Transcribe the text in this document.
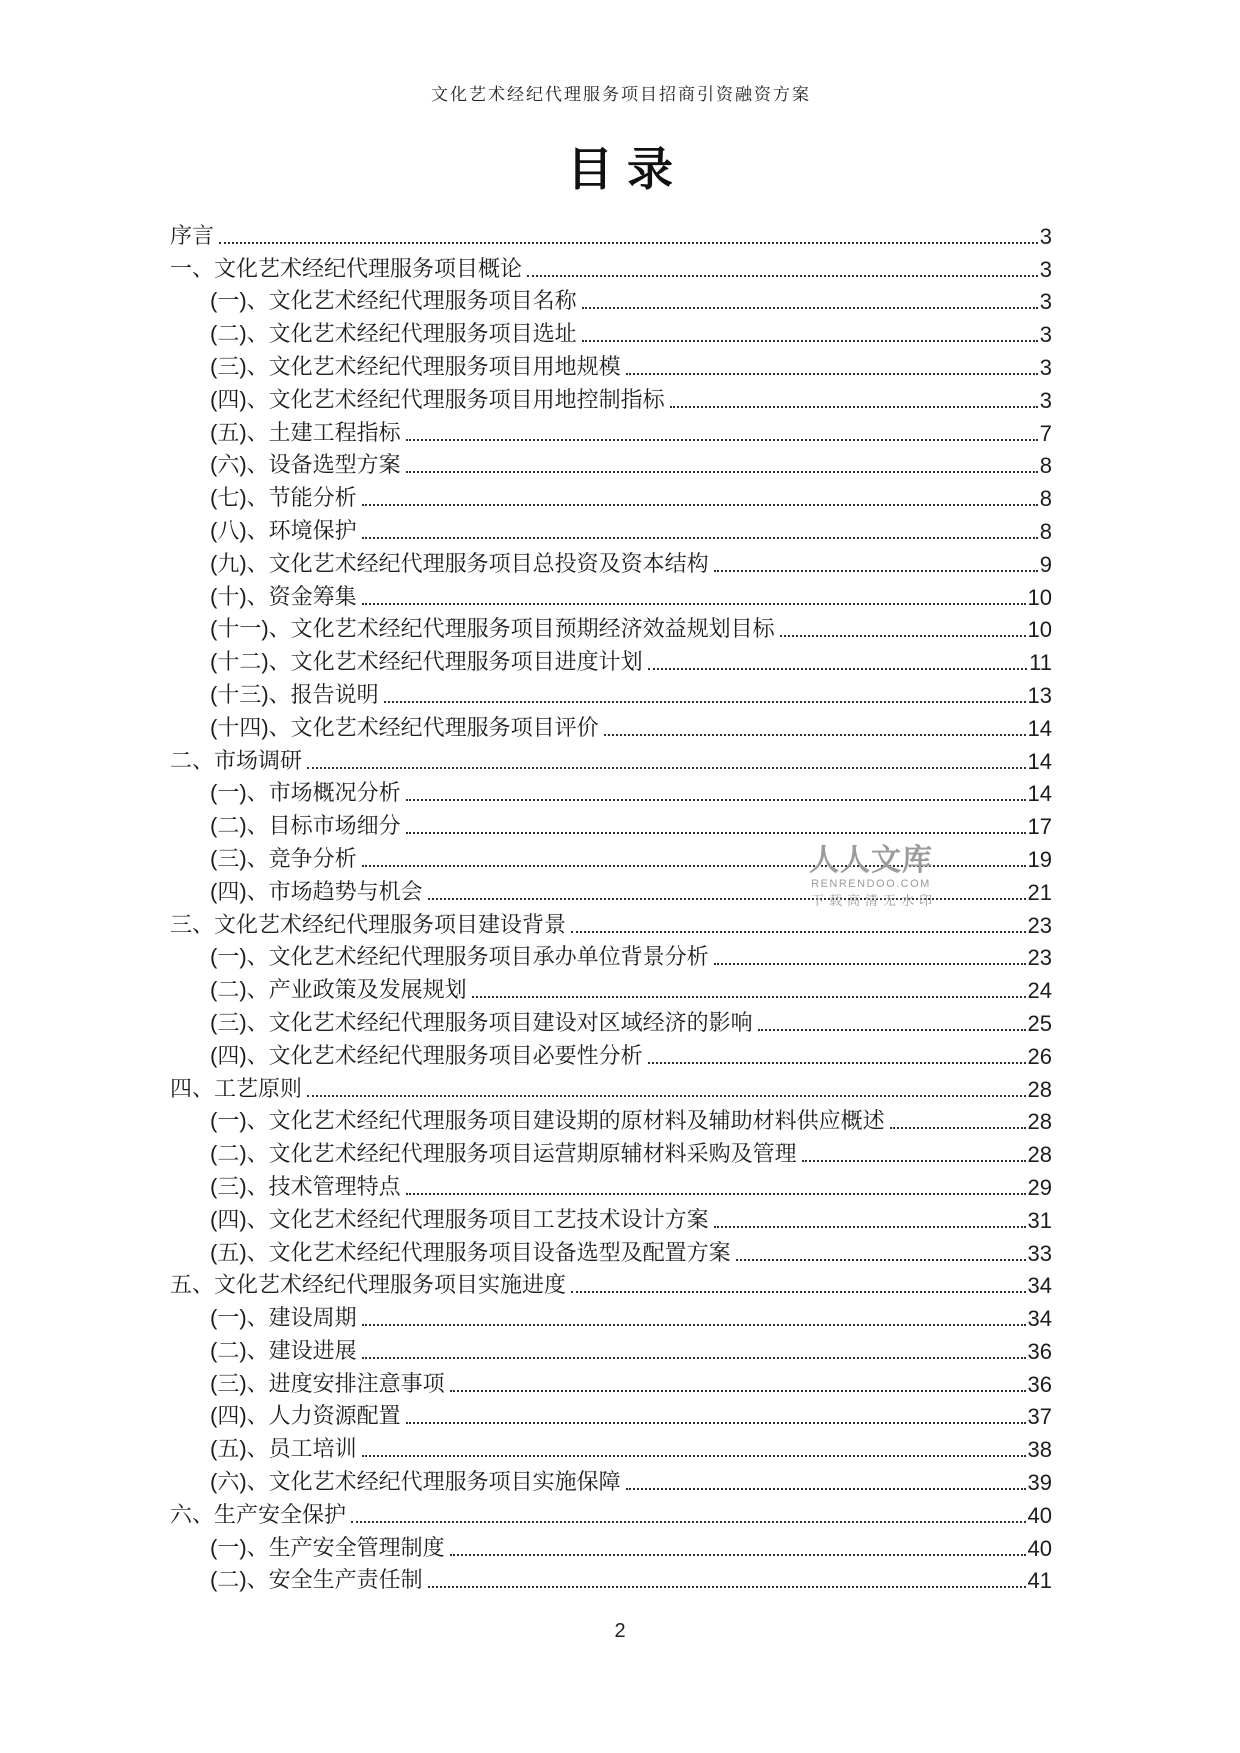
文化艺术经纪代理服务项目招商引资融资方案
目录
序言	3
一、文化艺术经纪代理服务项目概论	3
(一)、文化艺术经纪代理服务项目名称	3
(二)、文化艺术经纪代理服务项目选址	3
(三)、文化艺术经纪代理服务项目用地规模	3
(四)、文化艺术经纪代理服务项目用地控制指标	3
(五)、土建工程指标	7
(六)、设备选型方案	8
(七)、节能分析	8
(八)、环境保护	8
(九)、文化艺术经纪代理服务项目总投资及资本结构	9
(十)、资金筹集	10
(十一)、文化艺术经纪代理服务项目预期经济效益规划目标	10
(十二)、文化艺术经纪代理服务项目进度计划	11
(十三)、报告说明	13
(十四)、文化艺术经纪代理服务项目评价	14
二、市场调研	14
(一)、市场概况分析	14
(二)、目标市场细分	17
(三)、竞争分析	19
(四)、市场趋势与机会	21
三、文化艺术经纪代理服务项目建设背景	23
(一)、文化艺术经纪代理服务项目承办单位背景分析	23
(二)、产业政策及发展规划	24
(三)、文化艺术经纪代理服务项目建设对区域经济的影响	25
(四)、文化艺术经纪代理服务项目必要性分析	26
四、工艺原则	28
(一)、文化艺术经纪代理服务项目建设期的原材料及辅助材料供应概述	28
(二)、文化艺术经纪代理服务项目运营期原辅材料采购及管理	28
(三)、技术管理特点	29
(四)、文化艺术经纪代理服务项目工艺技术设计方案	31
(五)、文化艺术经纪代理服务项目设备选型及配置方案	33
五、文化艺术经纪代理服务项目实施进度	34
(一)、建设周期	34
(二)、建设进展	36
(三)、进度安排注意事项	36
(四)、人力资源配置	37
(五)、员工培训	38
(六)、文化艺术经纪代理服务项目实施保障	39
六、生产安全保护	40
(一)、生产安全管理制度	40
(二)、安全生产责任制	41
人人文库
RENRENDOO.COM
下载高清无水印
2
